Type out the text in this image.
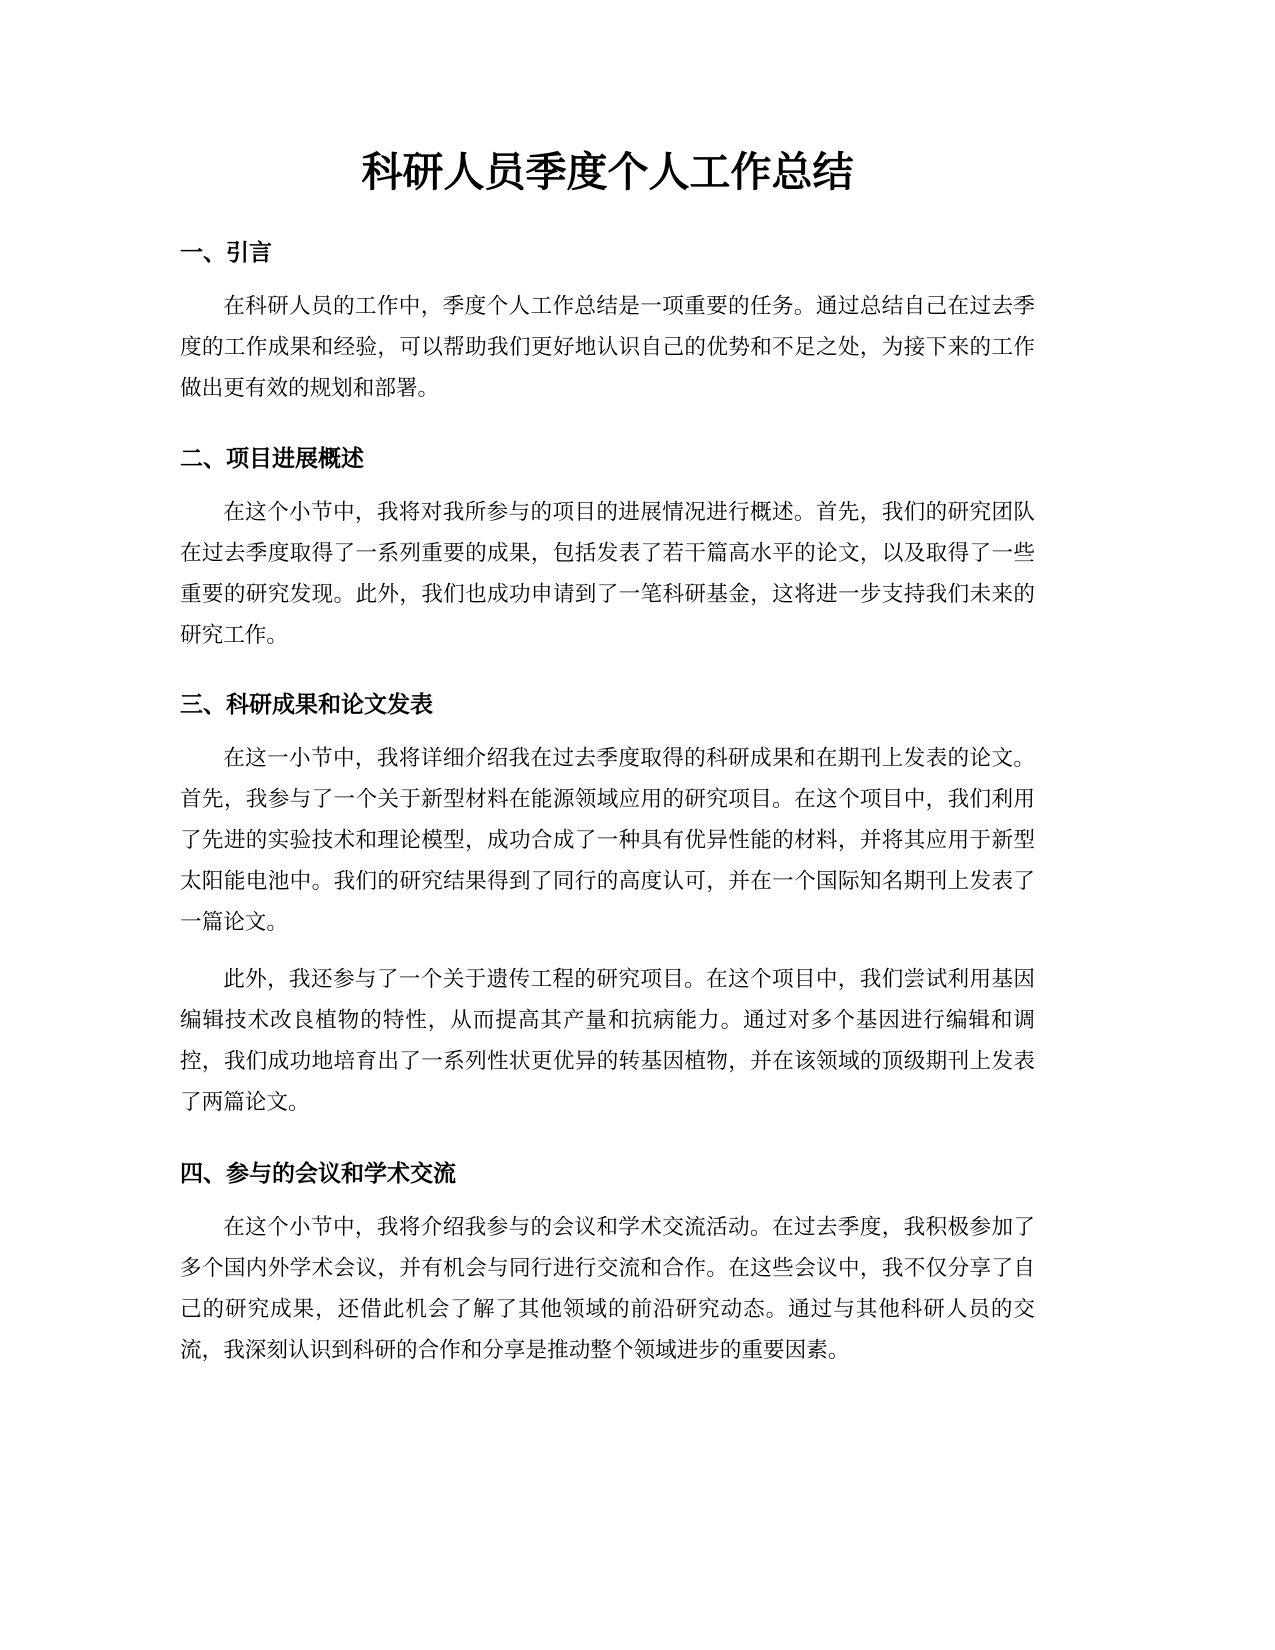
科研人员季度个人工作总结
一、引言

在科研人员的工作中，季度个人工作总结是一项重要的任务。通过总结自己在过去季度的工作成果和经验，可以帮助我们更好地认识自己的优势和不足之处，为接下来的工作做出更有效的规划和部署。

二、项目进展概述

在这个小节中，我将对我所参与的项目的进展情况进行概述。首先，我们的研究团队在过去季度取得了一系列重要的成果，包括发表了若干篇高水平的论文，以及取得了一些重要的研究发现。此外，我们也成功申请到了一笔科研基金，这将进一步支持我们未来的研究工作。

三、科研成果和论文发表

在这一小节中，我将详细介绍我在过去季度取得的科研成果和在期刊上发表的论文。首先，我参与了一个关于新型材料在能源领域应用的研究项目。在这个项目中，我们利用了先进的实验技术和理论模型，成功合成了一种具有优异性能的材料，并将其应用于新型太阳能电池中。我们的研究结果得到了同行的高度认可，并在一个国际知名期刊上发表了一篇论文。

此外，我还参与了一个关于遗传工程的研究项目。在这个项目中，我们尝试利用基因编辑技术改良植物的特性，从而提高其产量和抗病能力。通过对多个基因进行编辑和调控，我们成功地培育出了一系列性状更优异的转基因植物，并在该领域的顶级期刊上发表了两篇论文。

四、参与的会议和学术交流

在这个小节中，我将介绍我参与的会议和学术交流活动。在过去季度，我积极参加了多个国内外学术会议，并有机会与同行进行交流和合作。在这些会议中，我不仅分享了自己的研究成果，还借此机会了解了其他领域的前沿研究动态。通过与其他科研人员的交流，我深刻认识到科研的合作和分享是推动整个领域进步的重要因素。
